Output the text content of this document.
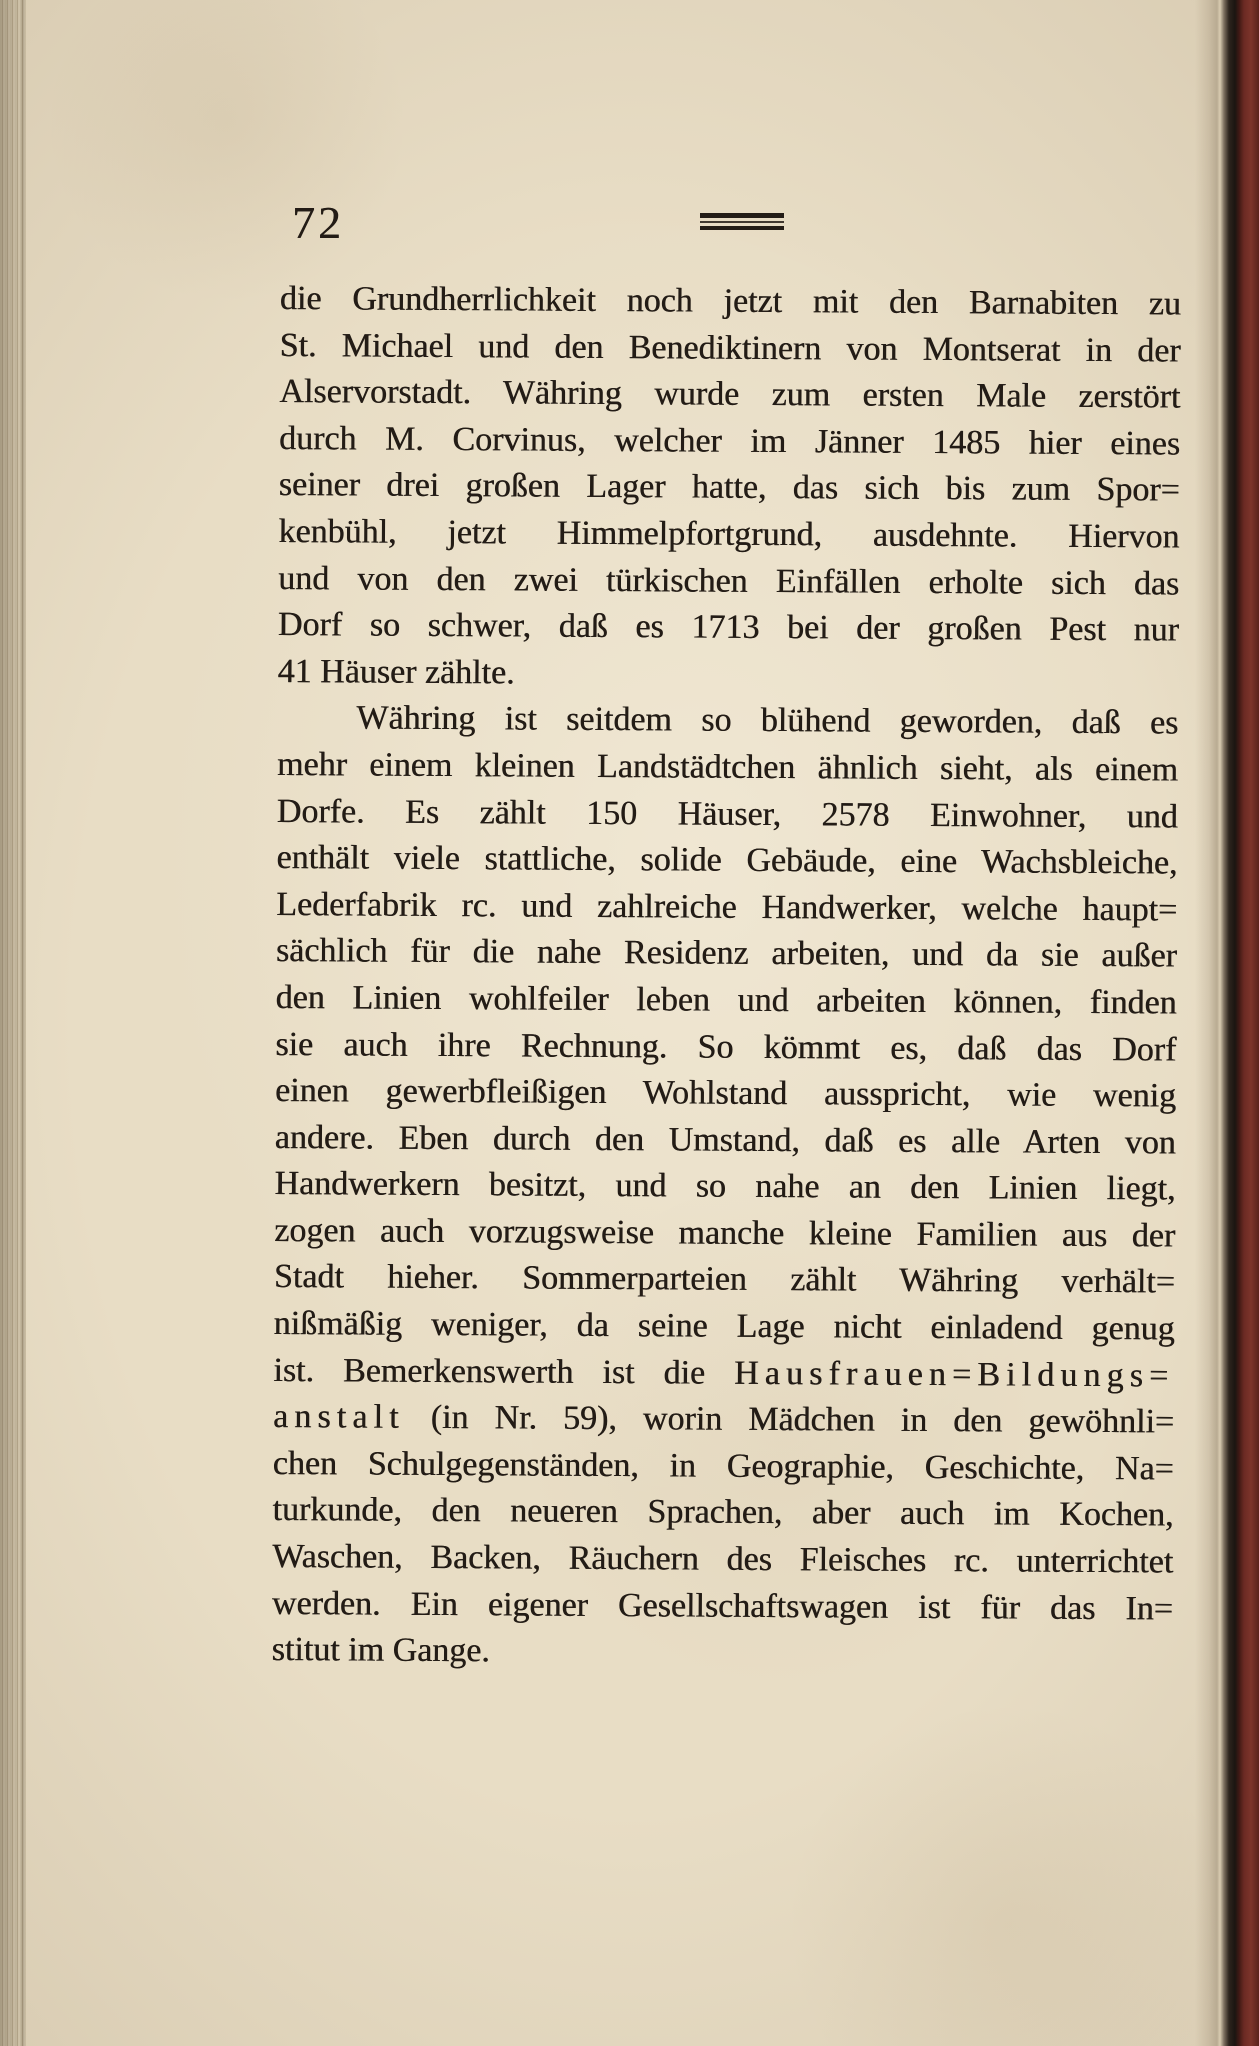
72
die Grundherrlichkeit noch jetzt mit den Barnabiten zu
St. Michael und den Benediktinern von Montserat in der
Alservorstadt. Währing wurde zum ersten Male zerstört
durch M. Corvinus, welcher im Jänner 1485 hier eines
seiner drei großen Lager hatte, das sich bis zum Spor=
kenbühl, jetzt Himmelpfortgrund, ausdehnte. Hiervon
und von den zwei türkischen Einfällen erholte sich das
Dorf so schwer, daß es 1713 bei der großen Pest nur
41 Häuser zählte.
Währing ist seitdem so blühend geworden, daß es
mehr einem kleinen Landstädtchen ähnlich sieht, als einem
Dorfe. Es zählt 150 Häuser, 2578 Einwohner, und
enthält viele stattliche, solide Gebäude, eine Wachsbleiche,
Lederfabrik rc. und zahlreiche Handwerker, welche haupt=
sächlich für die nahe Residenz arbeiten, und da sie außer
den Linien wohlfeiler leben und arbeiten können, finden
sie auch ihre Rechnung. So kömmt es, daß das Dorf
einen gewerbfleißigen Wohlstand ausspricht, wie wenig
andere. Eben durch den Umstand, daß es alle Arten von
Handwerkern besitzt, und so nahe an den Linien liegt,
zogen auch vorzugsweise manche kleine Familien aus der
Stadt hieher. Sommerparteien zählt Währing verhält=
nißmäßig weniger, da seine Lage nicht einladend genug
ist. Bemerkenswerth ist die Hausfrauen=Bildungs=
anstalt (in Nr. 59), worin Mädchen in den gewöhnli=
chen Schulgegenständen, in Geographie, Geschichte, Na=
turkunde, den neueren Sprachen, aber auch im Kochen,
Waschen, Backen, Räuchern des Fleisches rc. unterrichtet
werden. Ein eigener Gesellschaftswagen ist für das In=
stitut im Gange.
